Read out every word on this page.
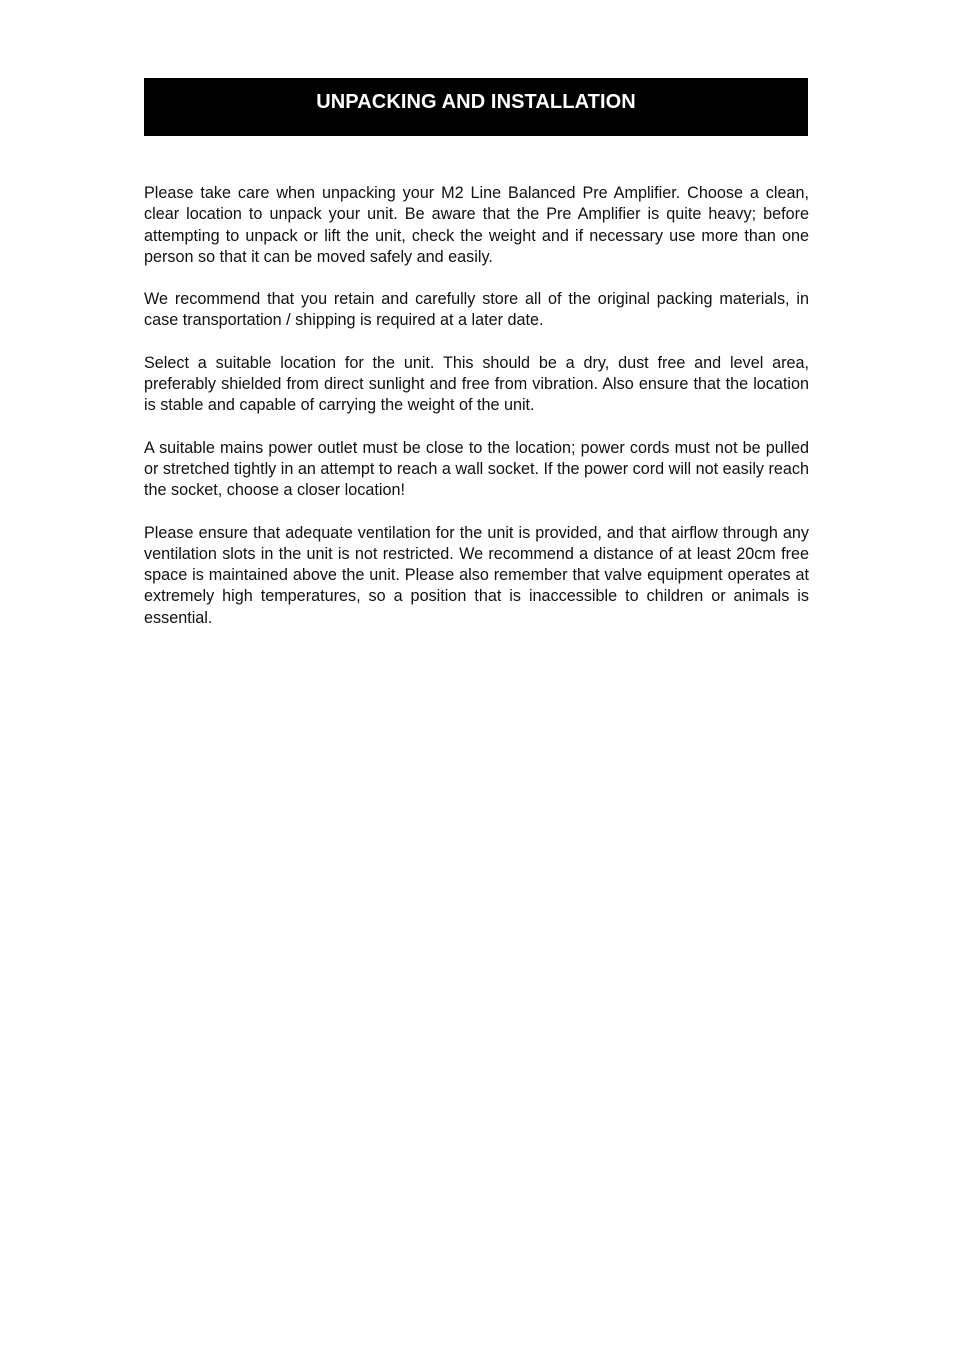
UNPACKING AND INSTALLATION

Please take care when unpacking your M2 Line Balanced Pre Amplifier. Choose a clean, clear location to unpack your unit. Be aware that the Pre Amplifier is quite heavy; before attempting to unpack or lift the unit, check the weight and if necessary use more than one person so that it can be moved safely and easily.

We recommend that you retain and carefully store all of the original packing materials, in case transportation / shipping is required at a later date.

Select a suitable location for the unit. This should be a dry, dust free and level area, preferably shielded from direct sunlight and free from vibration. Also ensure that the location is stable and capable of carrying the weight of the unit.

A suitable mains power outlet must be close to the location; power cords must not be pulled or stretched tightly in an attempt to reach a wall socket. If the power cord will not easily reach the socket, choose a closer location!

Please ensure that adequate ventilation for the unit is provided, and that airflow through any ventilation slots in the unit is not restricted. We recommend a distance of at least 20cm free space is maintained above the unit. Please also remember that valve equipment operates at extremely high temperatures, so a position that is inaccessible to children or animals is essential.
